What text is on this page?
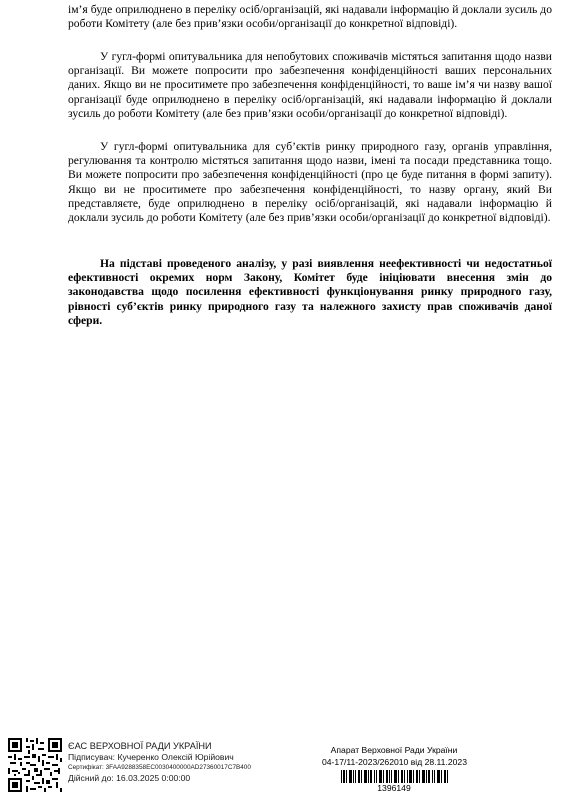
ім’я буде оприлюднено в переліку осіб/організацій, які надавали інформацію й доклали зусиль до роботи Комітету (але без прив’язки особи/організації до конкретної відповіді).

У гугл-формі опитувальника для непобутових споживачів містяться запитання щодо назви організації. Ви можете попросити про забезпечення конфіденційності ваших персональних даних. Якщо ви не проситимете про забезпечення конфіденційності, то ваше ім’я чи назву вашої організації буде оприлюднено в переліку осіб/організацій, які надавали інформацію й доклали зусиль до роботи Комітету (але без прив’язки особи/організації до конкретної відповіді).

У гугл-формі опитувальника для суб’єктів ринку природного газу, органів управління, регулювання та контролю містяться запитання щодо назви, імені та посади представника тощо. Ви можете попросити про забезпечення конфіденційності (про це буде питання в формі запиту). Якщо ви не проситимете про забезпечення конфіденційності, то назву органу, який Ви представляєте, буде оприлюднено в переліку осіб/організацій, які надавали інформацію й доклали зусиль до роботи Комітету (але без прив’язки особи/організації до конкретної відповіді).

На підставі проведеного аналізу, у разі виявлення неефективності чи недостатньої ефективності окремих норм Закону, Комітет буде ініціювати внесення змін до законодавства щодо посилення ефективності функціонування ринку природного газу, рівності суб’єктів ринку природного газу та належного захисту прав споживачів даної сфери.

ЄАС ВЕРХОВНОЇ РАДИ УКРАЇНИ
Підписувач: Кучеренко Олексій Юрійович
Сертифікат: 3FAA9288358EC0030400000AD27360017C7B400
Дійсний до: 16.03.2025 0:00:00
Апарат Верховної Ради України
04-17/11-2023/262010 від 28.11.2023
1396149
